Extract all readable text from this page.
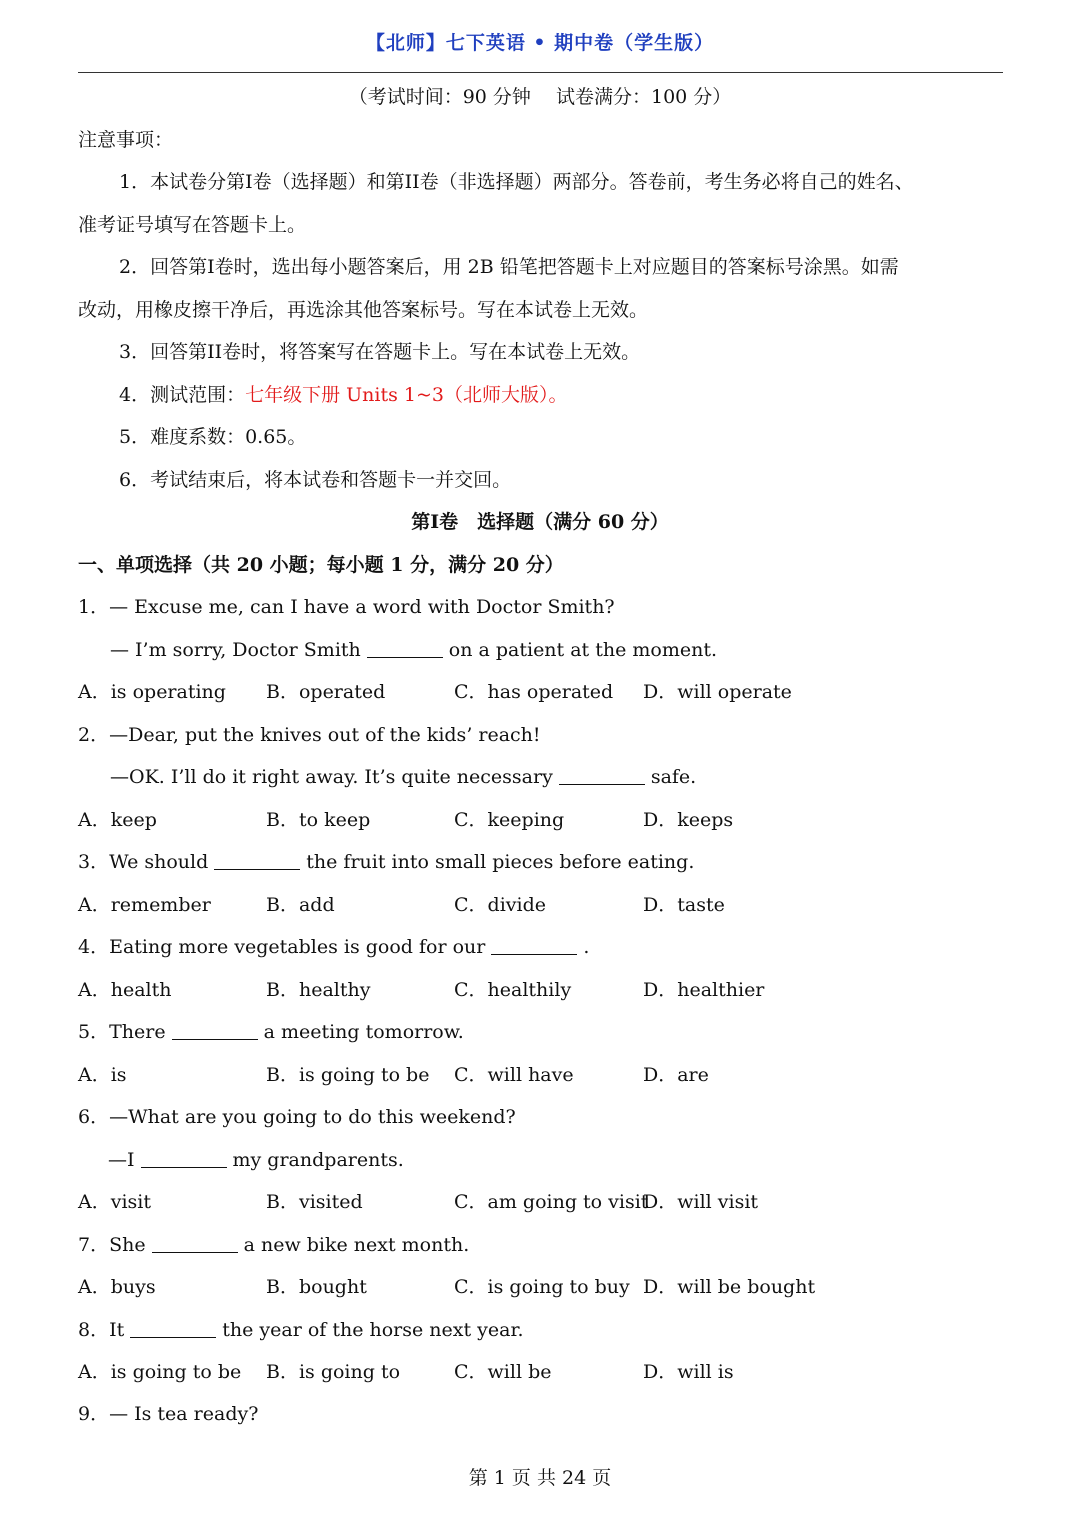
【北师】七下英语 • 期中卷（学生版）
（考试时间：90 分钟　 试卷满分：100 分）
注意事项：
1．本试卷分第I卷（选择题）和第II卷（非选择题）两部分。答卷前，考生务必将自己的姓名、
准考证号填写在答题卡上。
2．回答第I卷时，选出每小题答案后，用 2B 铅笔把答题卡上对应题目的答案标号涂黑。如需
改动，用橡皮擦干净后，再选涂其他答案标号。写在本试卷上无效。
3．回答第II卷时，将答案写在答题卡上。写在本试卷上无效。
4．测试范围：七年级下册 Units 1~3（北师大版）。
5．难度系数：0.65。
6．考试结束后，将本试卷和答题卡一并交回。
第I卷　选择题（满分 60 分）
一、单项选择（共 20 小题；每小题 1 分，满分 20 分）
1．— Excuse me, can I have a word with Doctor Smith?
— I’m sorry, Doctor Smith	on a patient at the moment.
A．is operating B．operated	C．has operated D．will operate
2．—Dear, put the knives out of the kids’ reach!
—OK. I’ll do it right away. It’s quite necessary	safe.
A．keep	B．to keep	C．keeping	D．keeps
3．We should	the fruit into small pieces before eating.
A．remember	B．add	C．divide	D．taste
4．Eating more vegetables is good for our	.
A．health	B．healthy	C．healthily	D．healthier
5．There	a meeting tomorrow.
A．is	B．is going to be C．will have	D．are
6．—What are you going to do this weekend?
—I	my grandparents.
A．visit	B．visited	C．am going to visit
D．will visit
7．She	a new bike next month.
A．buys	B．bought	C．is going to buy D．will be bought
8．It	the year of the horse next year.
A．is going to be B．is going to	C．will be	D．will is
9．— Is tea ready?
第 1 页 共 24 页
